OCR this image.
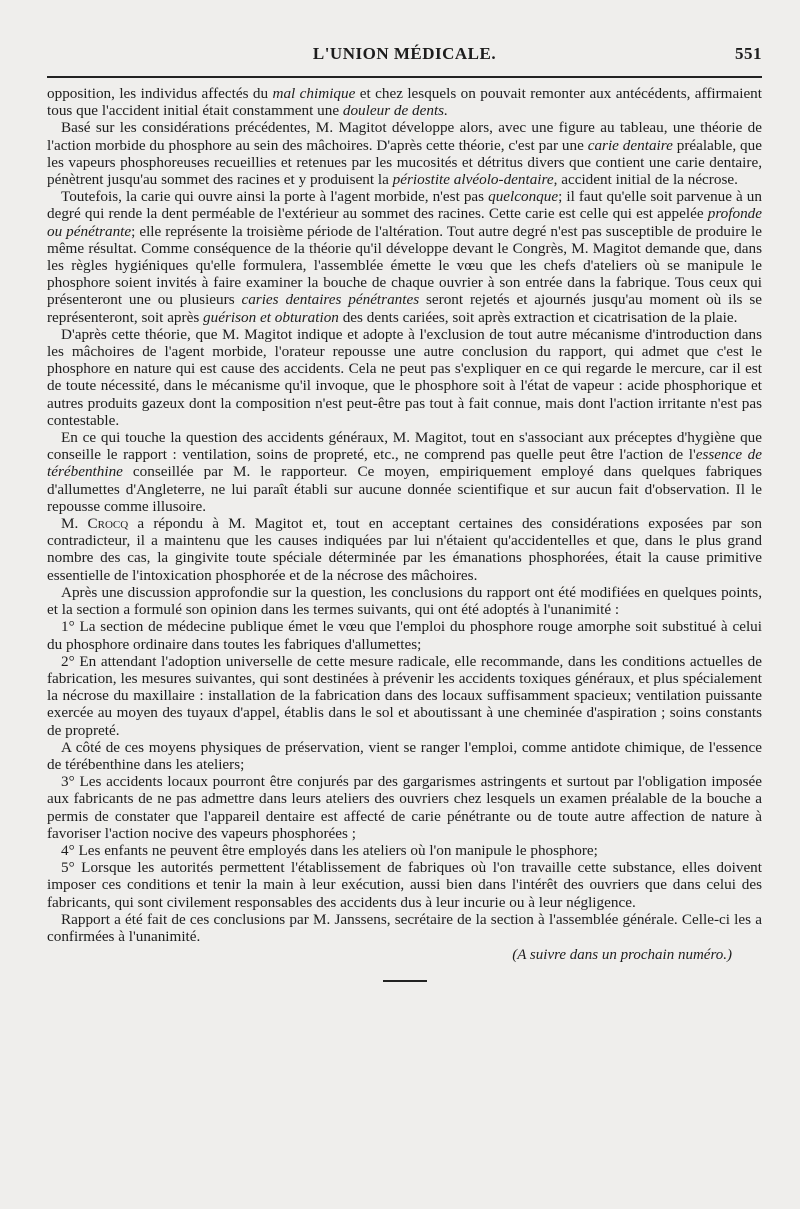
L'UNION MÉDICALE.	551

opposition, les individus affectés du mal chimique et chez lesquels on pouvait remonter aux antécédents, affirmaient tous que l'accident initial était constamment une douleur de dents.

Basé sur les considérations précédentes, M. Magitot développe alors, avec une figure au tableau, une théorie de l'action morbide du phosphore au sein des mâchoires. D'après cette théorie, c'est par une carie dentaire préalable, que les vapeurs phosphoreuses recueillies et retenues par les mucosités et détritus divers que contient une carie dentaire, pénètrent jusqu'au sommet des racines et y produisent la périostite alvéolo-dentaire, accident initial de la nécrose.

Toutefois, la carie qui ouvre ainsi la porte à l'agent morbide, n'est pas quelconque; il faut qu'elle soit parvenue à un degré qui rende la dent perméable de l'extérieur au sommet des racines. Cette carie est celle qui est appelée profonde ou pénétrante; elle représente la troisième période de l'altération. Tout autre degré n'est pas susceptible de produire le même résultat. Comme conséquence de la théorie qu'il développe devant le Congrès, M. Magitot demande que, dans les règles hygiéniques qu'elle formulera, l'assemblée émette le vœu que les chefs d'ateliers où se manipule le phosphore soient invités à faire examiner la bouche de chaque ouvrier à son entrée dans la fabrique. Tous ceux qui présenteront une ou plusieurs caries dentaires pénétrantes seront rejetés et ajournés jusqu'au moment où ils se représenteront, soit après guérison et obturation des dents cariées, soit après extraction et cicatrisation de la plaie.

D'après cette théorie, que M. Magitot indique et adopte à l'exclusion de tout autre mécanisme d'introduction dans les mâchoires de l'agent morbide, l'orateur repousse une autre conclusion du rapport, qui admet que c'est le phosphore en nature qui est cause des accidents. Cela ne peut pas s'expliquer en ce qui regarde le mercure, car il est de toute nécessité, dans le mécanisme qu'il invoque, que le phosphore soit à l'état de vapeur : acide phosphorique et autres produits gazeux dont la composition n'est peut-être pas tout à fait connue, mais dont l'action irritante n'est pas contestable.

En ce qui touche la question des accidents généraux, M. Magitot, tout en s'associant aux préceptes d'hygiène que conseille le rapport : ventilation, soins de propreté, etc., ne comprend pas quelle peut être l'action de l'essence de térébenthine conseillée par M. le rapporteur. Ce moyen, empiriquement employé dans quelques fabriques d'allumettes d'Angleterre, ne lui paraît établi sur aucune donnée scientifique et sur aucun fait d'observation. Il le repousse comme illusoire.

M. Crocq a répondu à M. Magitot et, tout en acceptant certaines des considérations exposées par son contradicteur, il a maintenu que les causes indiquées par lui n'étaient qu'accidentelles et que, dans le plus grand nombre des cas, la gingivite toute spéciale déterminée par les émanations phosphorées, était la cause primitive essentielle de l'intoxication phosphorée et de la nécrose des mâchoires.

Après une discussion approfondie sur la question, les conclusions du rapport ont été modifiées en quelques points, et la section a formulé son opinion dans les termes suivants, qui ont été adoptés à l'unanimité :

1° La section de médecine publique émet le vœu que l'emploi du phosphore rouge amorphe soit substitué à celui du phosphore ordinaire dans toutes les fabriques d'allumettes;

2° En attendant l'adoption universelle de cette mesure radicale, elle recommande, dans les conditions actuelles de fabrication, les mesures suivantes, qui sont destinées à prévenir les accidents toxiques généraux, et plus spécialement la nécrose du maxillaire : installation de la fabrication dans des locaux suffisamment spacieux; ventilation puissante exercée au moyen des tuyaux d'appel, établis dans le sol et aboutissant à une cheminée d'aspiration ; soins constants de propreté.

A côté de ces moyens physiques de préservation, vient se ranger l'emploi, comme antidote chimique, de l'essence de térébenthine dans les ateliers;

3° Les accidents locaux pourront être conjurés par des gargarismes astringents et surtout par l'obligation imposée aux fabricants de ne pas admettre dans leurs ateliers des ouvriers chez lesquels un examen préalable de la bouche a permis de constater que l'appareil dentaire est affecté de carie pénétrante ou de toute autre affection de nature à favoriser l'action nocive des vapeurs phosphorées ;

4° Les enfants ne peuvent être employés dans les ateliers où l'on manipule le phosphore;

5° Lorsque les autorités permettent l'établissement de fabriques où l'on travaille cette substance, elles doivent imposer ces conditions et tenir la main à leur exécution, aussi bien dans l'intérêt des ouvriers que dans celui des fabricants, qui sont civilement responsables des accidents dus à leur incurie ou à leur négligence.

Rapport a été fait de ces conclusions par M. Janssens, secrétaire de la section à l'assemblée générale. Celle-ci les a confirmées à l'unanimité.

(A suivre dans un prochain numéro.)
